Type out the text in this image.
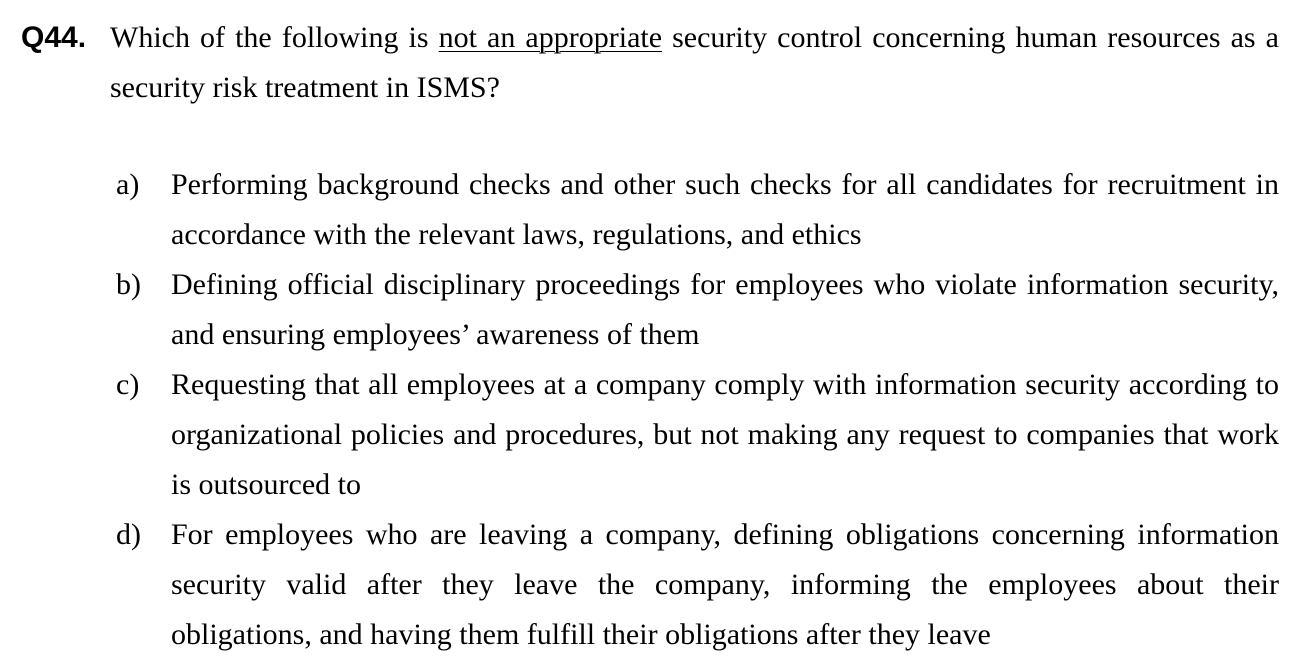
Q44. Which of the following is not an appropriate security control concerning human resources as a security risk treatment in ISMS?
a) Performing background checks and other such checks for all candidates for recruitment in accordance with the relevant laws, regulations, and ethics
b) Defining official disciplinary proceedings for employees who violate information security, and ensuring employees’ awareness of them
c) Requesting that all employees at a company comply with information security according to organizational policies and procedures, but not making any request to companies that work is outsourced to
d) For employees who are leaving a company, defining obligations concerning information security valid after they leave the company, informing the employees about their obligations, and having them fulfill their obligations after they leave
